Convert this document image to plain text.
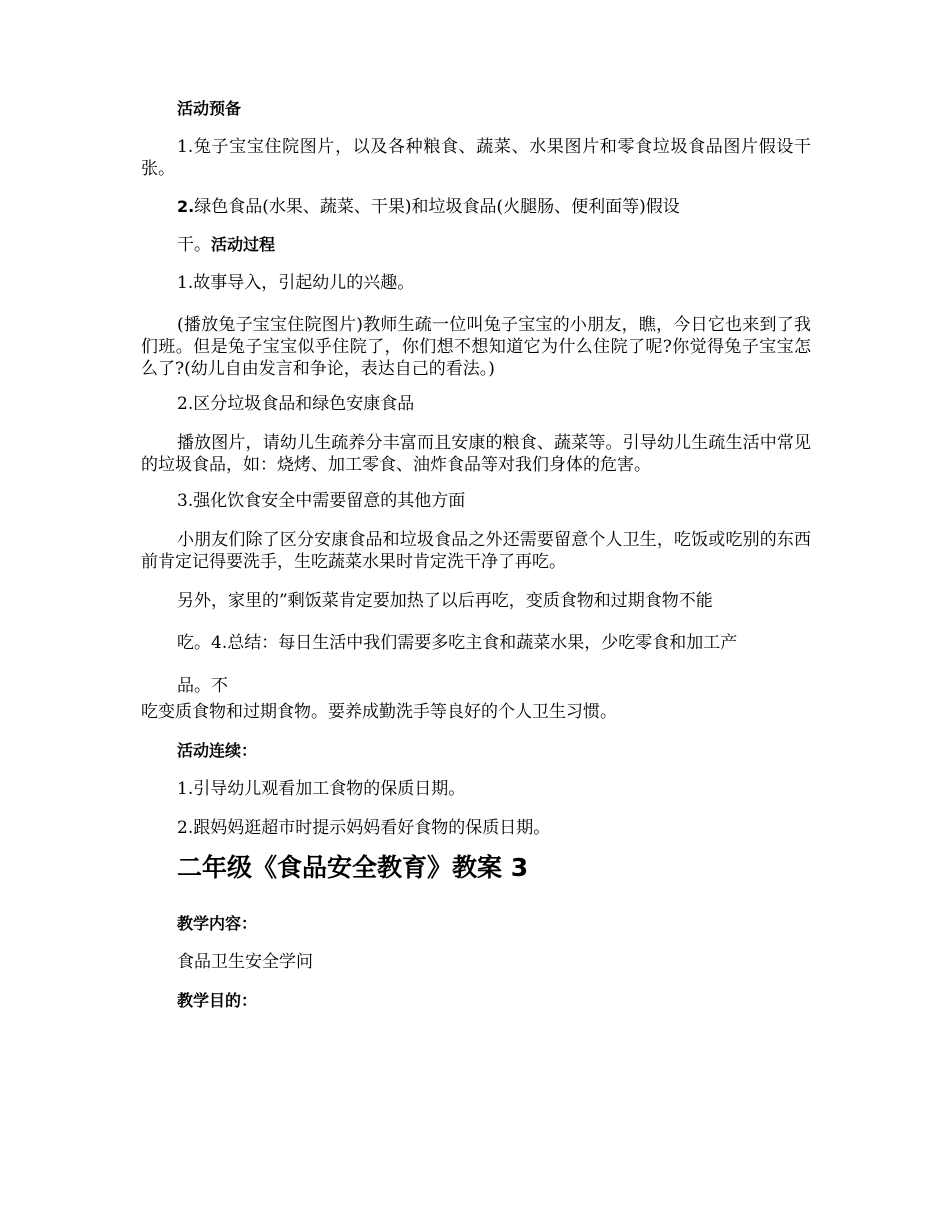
活动预备
1.兔子宝宝住院图片，以及各种粮食、蔬菜、水果图片和零食垃圾食品图片假设干张。
2.绿色食品(水果、蔬菜、干果)和垃圾食品(火腿肠、便利面等)假设
干。活动过程
1.故事导入，引起幼儿的兴趣。
(播放兔子宝宝住院图片)教师生疏一位叫兔子宝宝的小朋友，瞧，今日它也来到了我们班。但是兔子宝宝似乎住院了，你们想不想知道它为什么住院了呢?你觉得兔子宝宝怎么了?(幼儿自由发言和争论，表达自己的看法。)
2.区分垃圾食品和绿色安康食品
播放图片，请幼儿生疏养分丰富而且安康的粮食、蔬菜等。引导幼儿生疏生活中常见的垃圾食品，如：烧烤、加工零食、油炸食品等对我们身体的危害。
3.强化饮食安全中需要留意的其他方面
小朋友们除了区分安康食品和垃圾食品之外还需要留意个人卫生，吃饭或吃别的东西前肯定记得要洗手，生吃蔬菜水果时肯定洗干净了再吃。
另外，家里的”剩饭菜肯定要加热了以后再吃，变质食物和过期食物不能
吃。4.总结：每日生活中我们需要多吃主食和蔬菜水果，少吃零食和加工产
品。不
吃变质食物和过期食物。要养成勤洗手等良好的个人卫生习惯。
活动连续：
1.引导幼儿观看加工食物的保质日期。
2.跟妈妈逛超市时提示妈妈看好食物的保质日期。
二年级《食品安全教育》教案 3
教学内容：
食品卫生安全学问
教学目的：
